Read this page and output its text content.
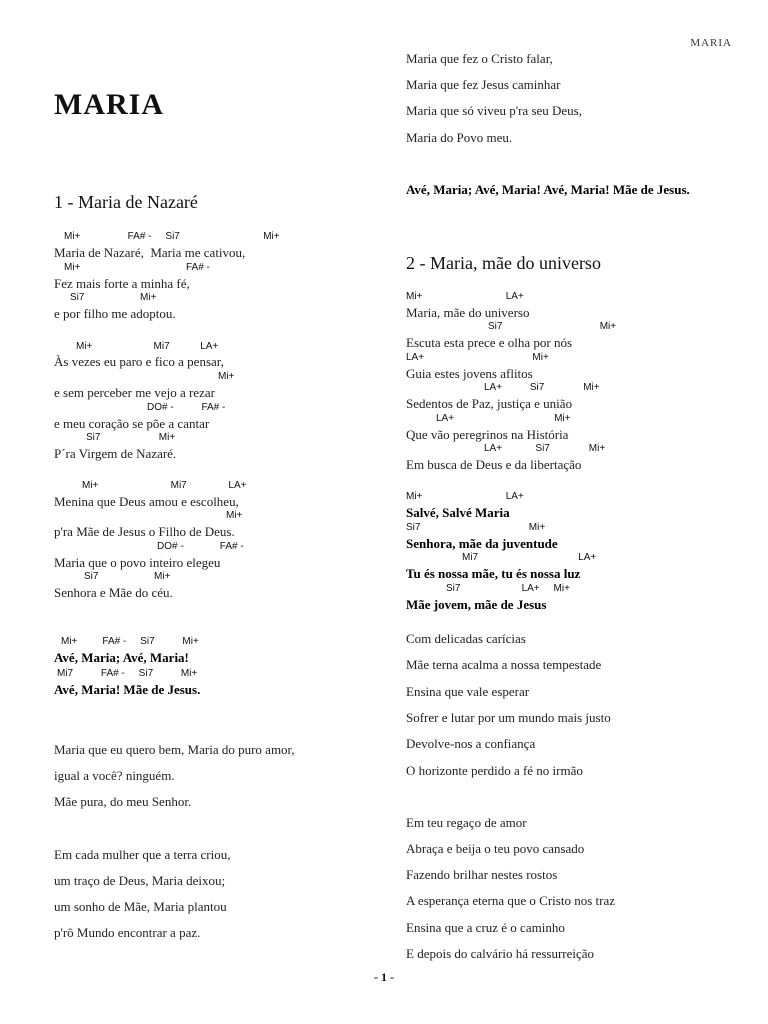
MARIA
MARIA
1 - Maria de Nazaré
Mi+                 FA# -     Si7                              Mi+
Maria de Nazaré,  Maria me cativou,
Mi+                                      FA# -
Fez mais forte a minha fé,
Si7                    Mi+
e por filho me adoptou.
Mi+                      Mi7           LA+
Às vezes eu paro e fico a pensar,
Mi+
e sem perceber me vejo a rezar
DO# -          FA# -
e meu coração se põe a cantar
Si7                     Mi+
P´ra Virgem de Nazaré.
Mi+                          Mi7               LA+
Menina que Deus amou e escolheu,
Mi+
p'ra Mãe de Jesus o Filho de Deus.
DO# -             FA# -
Maria que o povo inteiro elegeu
Si7                    Mi+
Senhora e Mãe do céu.
Mi+         FA# -     Si7          Mi+
Avé, Maria; Avé, Maria!
Mi7          FA# -     Si7          Mi+
Avé, Maria! Mãe de Jesus.
Maria que eu quero bem, Maria do puro amor,
igual a você? ninguém.
Mãe pura, do meu Senhor.
Em cada mulher que a terra criou,
um traço de Deus, Maria deixou;
um sonho de Mãe, Maria plantou
p'rô Mundo encontrar a paz.
Maria que fez o Cristo falar,
Maria que fez Jesus caminhar
Maria que só viveu p'ra seu Deus,
Maria do Povo meu.
Avé, Maria; Avé, Maria! Avé, Maria! Mãe de Jesus.
2 - Maria, mãe do universo
Mi+                              LA+
Maria, mãe do universo
Si7                                   Mi+
Escuta esta prece e olha por nós
LA+                                       Mi+
Guia estes jovens aflitos
LA+          Si7              Mi+
Sedentos de Paz, justiça e união
LA+                                    Mi+
Que vão peregrinos na História
LA+            Si7              Mi+
Em busca de Deus e da libertação
Mi+                              LA+
Salvé, Salvé Maria
Si7                                       Mi+
Senhora, mãe da juventude
Mi7                                    LA+
Tu és nossa mãe, tu és nossa luz
Si7                      LA+     Mi+
Mãe jovem, mãe de Jesus
Com delicadas carícias
Mãe terna acalma a nossa tempestade
Ensina que vale esperar
Sofrer e lutar por um mundo mais justo
Devolve-nos a confiança
O horizonte perdido a fé no irmão
Em teu regaço de amor
Abraça e beija o teu povo cansado
Fazendo brilhar nestes rostos
A esperança eterna que o Cristo nos traz
Ensina que a cruz é o caminho
E depois do calvário há ressurreição
- 1 -
